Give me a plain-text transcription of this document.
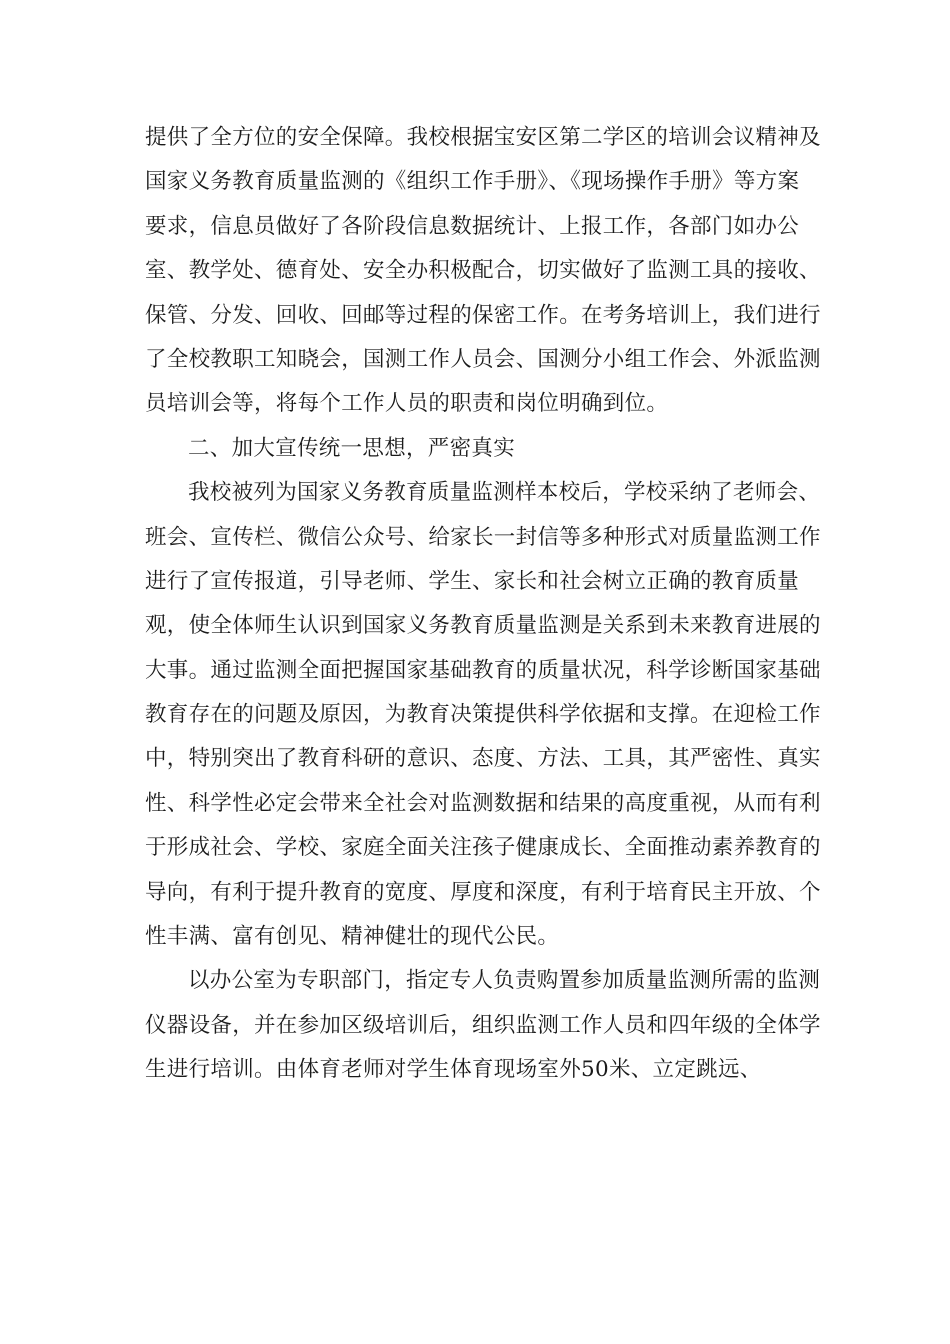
提供了全方位的安全保障。我校根据宝安区第二学区的培训会议精神及
国家义务教育质量监测的《组织工作手册》、《现场操作手册》等方案
要求，信息员做好了各阶段信息数据统计、上报工作，各部门如办公
室、教学处、德育处、安全办积极配合，切实做好了监测工具的接收、
保管、分发、回收、回邮等过程的保密工作。在考务培训上，我们进行
了全校教职工知晓会，国测工作人员会、国测分小组工作会、外派监测
员培训会等，将每个工作人员的职责和岗位明确到位。
二、加大宣传统一思想，严密真实
我校被列为国家义务教育质量监测样本校后，学校采纳了老师会、
班会、宣传栏、微信公众号、给家长一封信等多种形式对质量监测工作
进行了宣传报道，引导老师、学生、家长和社会树立正确的教育质量
观，使全体师生认识到国家义务教育质量监测是关系到未来教育进展的
大事。通过监测全面把握国家基础教育的质量状况，科学诊断国家基础
教育存在的问题及原因，为教育决策提供科学依据和支撑。在迎检工作
中，特别突出了教育科研的意识、态度、方法、工具，其严密性、真实
性、科学性必定会带来全社会对监测数据和结果的高度重视，从而有利
于形成社会、学校、家庭全面关注孩子健康成长、全面推动素养教育的
导向，有利于提升教育的宽度、厚度和深度，有利于培育民主开放、个
性丰满、富有创见、精神健壮的现代公民。
以办公室为专职部门，指定专人负责购置参加质量监测所需的监测
仪器设备，并在参加区级培训后，组织监测工作人员和四年级的全体学
生进行培训。由体育老师对学生体育现场室外50米、立定跳远、
